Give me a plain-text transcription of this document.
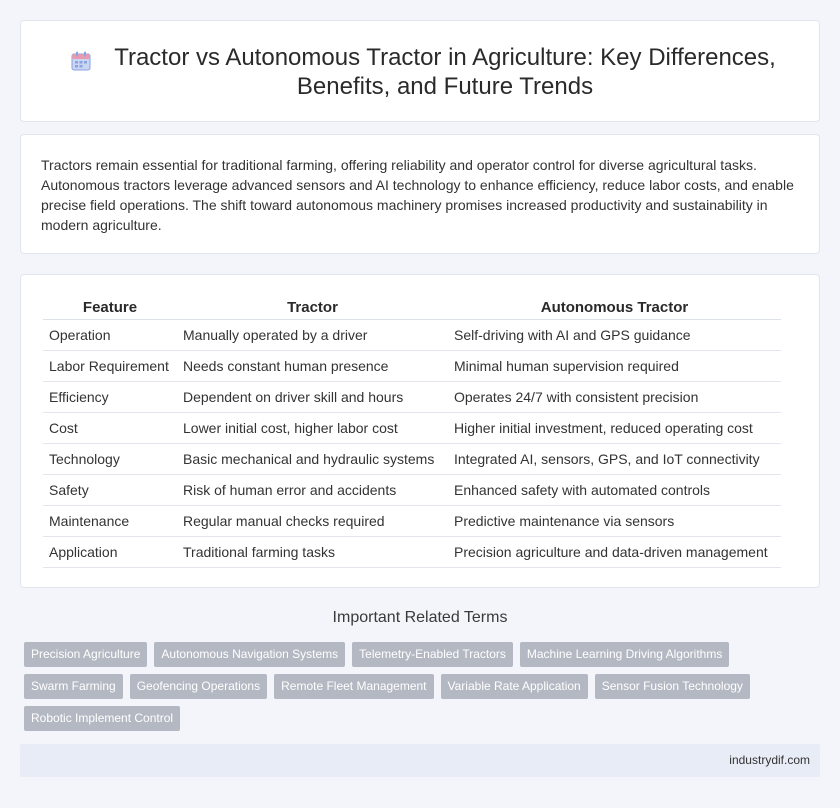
Tractor vs Autonomous Tractor in Agriculture: Key Differences, Benefits, and Future Trends

Tractors remain essential for traditional farming, offering reliability and operator control for diverse agricultural tasks. Autonomous tractors leverage advanced sensors and AI technology to enhance efficiency, reduce labor costs, and enable precise field operations. The shift toward autonomous machinery promises increased productivity and sustainability in modern agriculture.

Feature	Tractor	Autonomous Tractor
Operation	Manually operated by a driver	Self-driving with AI and GPS guidance
Labor Requirement	Needs constant human presence	Minimal human supervision required
Efficiency	Dependent on driver skill and hours	Operates 24/7 with consistent precision
Cost	Lower initial cost, higher labor cost	Higher initial investment, reduced operating cost
Technology	Basic mechanical and hydraulic systems	Integrated AI, sensors, GPS, and IoT connectivity
Safety	Risk of human error and accidents	Enhanced safety with automated controls
Maintenance	Regular manual checks required	Predictive maintenance via sensors
Application	Traditional farming tasks	Precision agriculture and data-driven management
Important Related Terms
Precision Agriculture	Autonomous Navigation Systems	Telemetry-Enabled Tractors	Machine Learning Driving Algorithms
Swarm Farming	Geofencing Operations	Remote Fleet Management	Variable Rate Application	Sensor Fusion Technology
Robotic Implement Control
industrydif.com
